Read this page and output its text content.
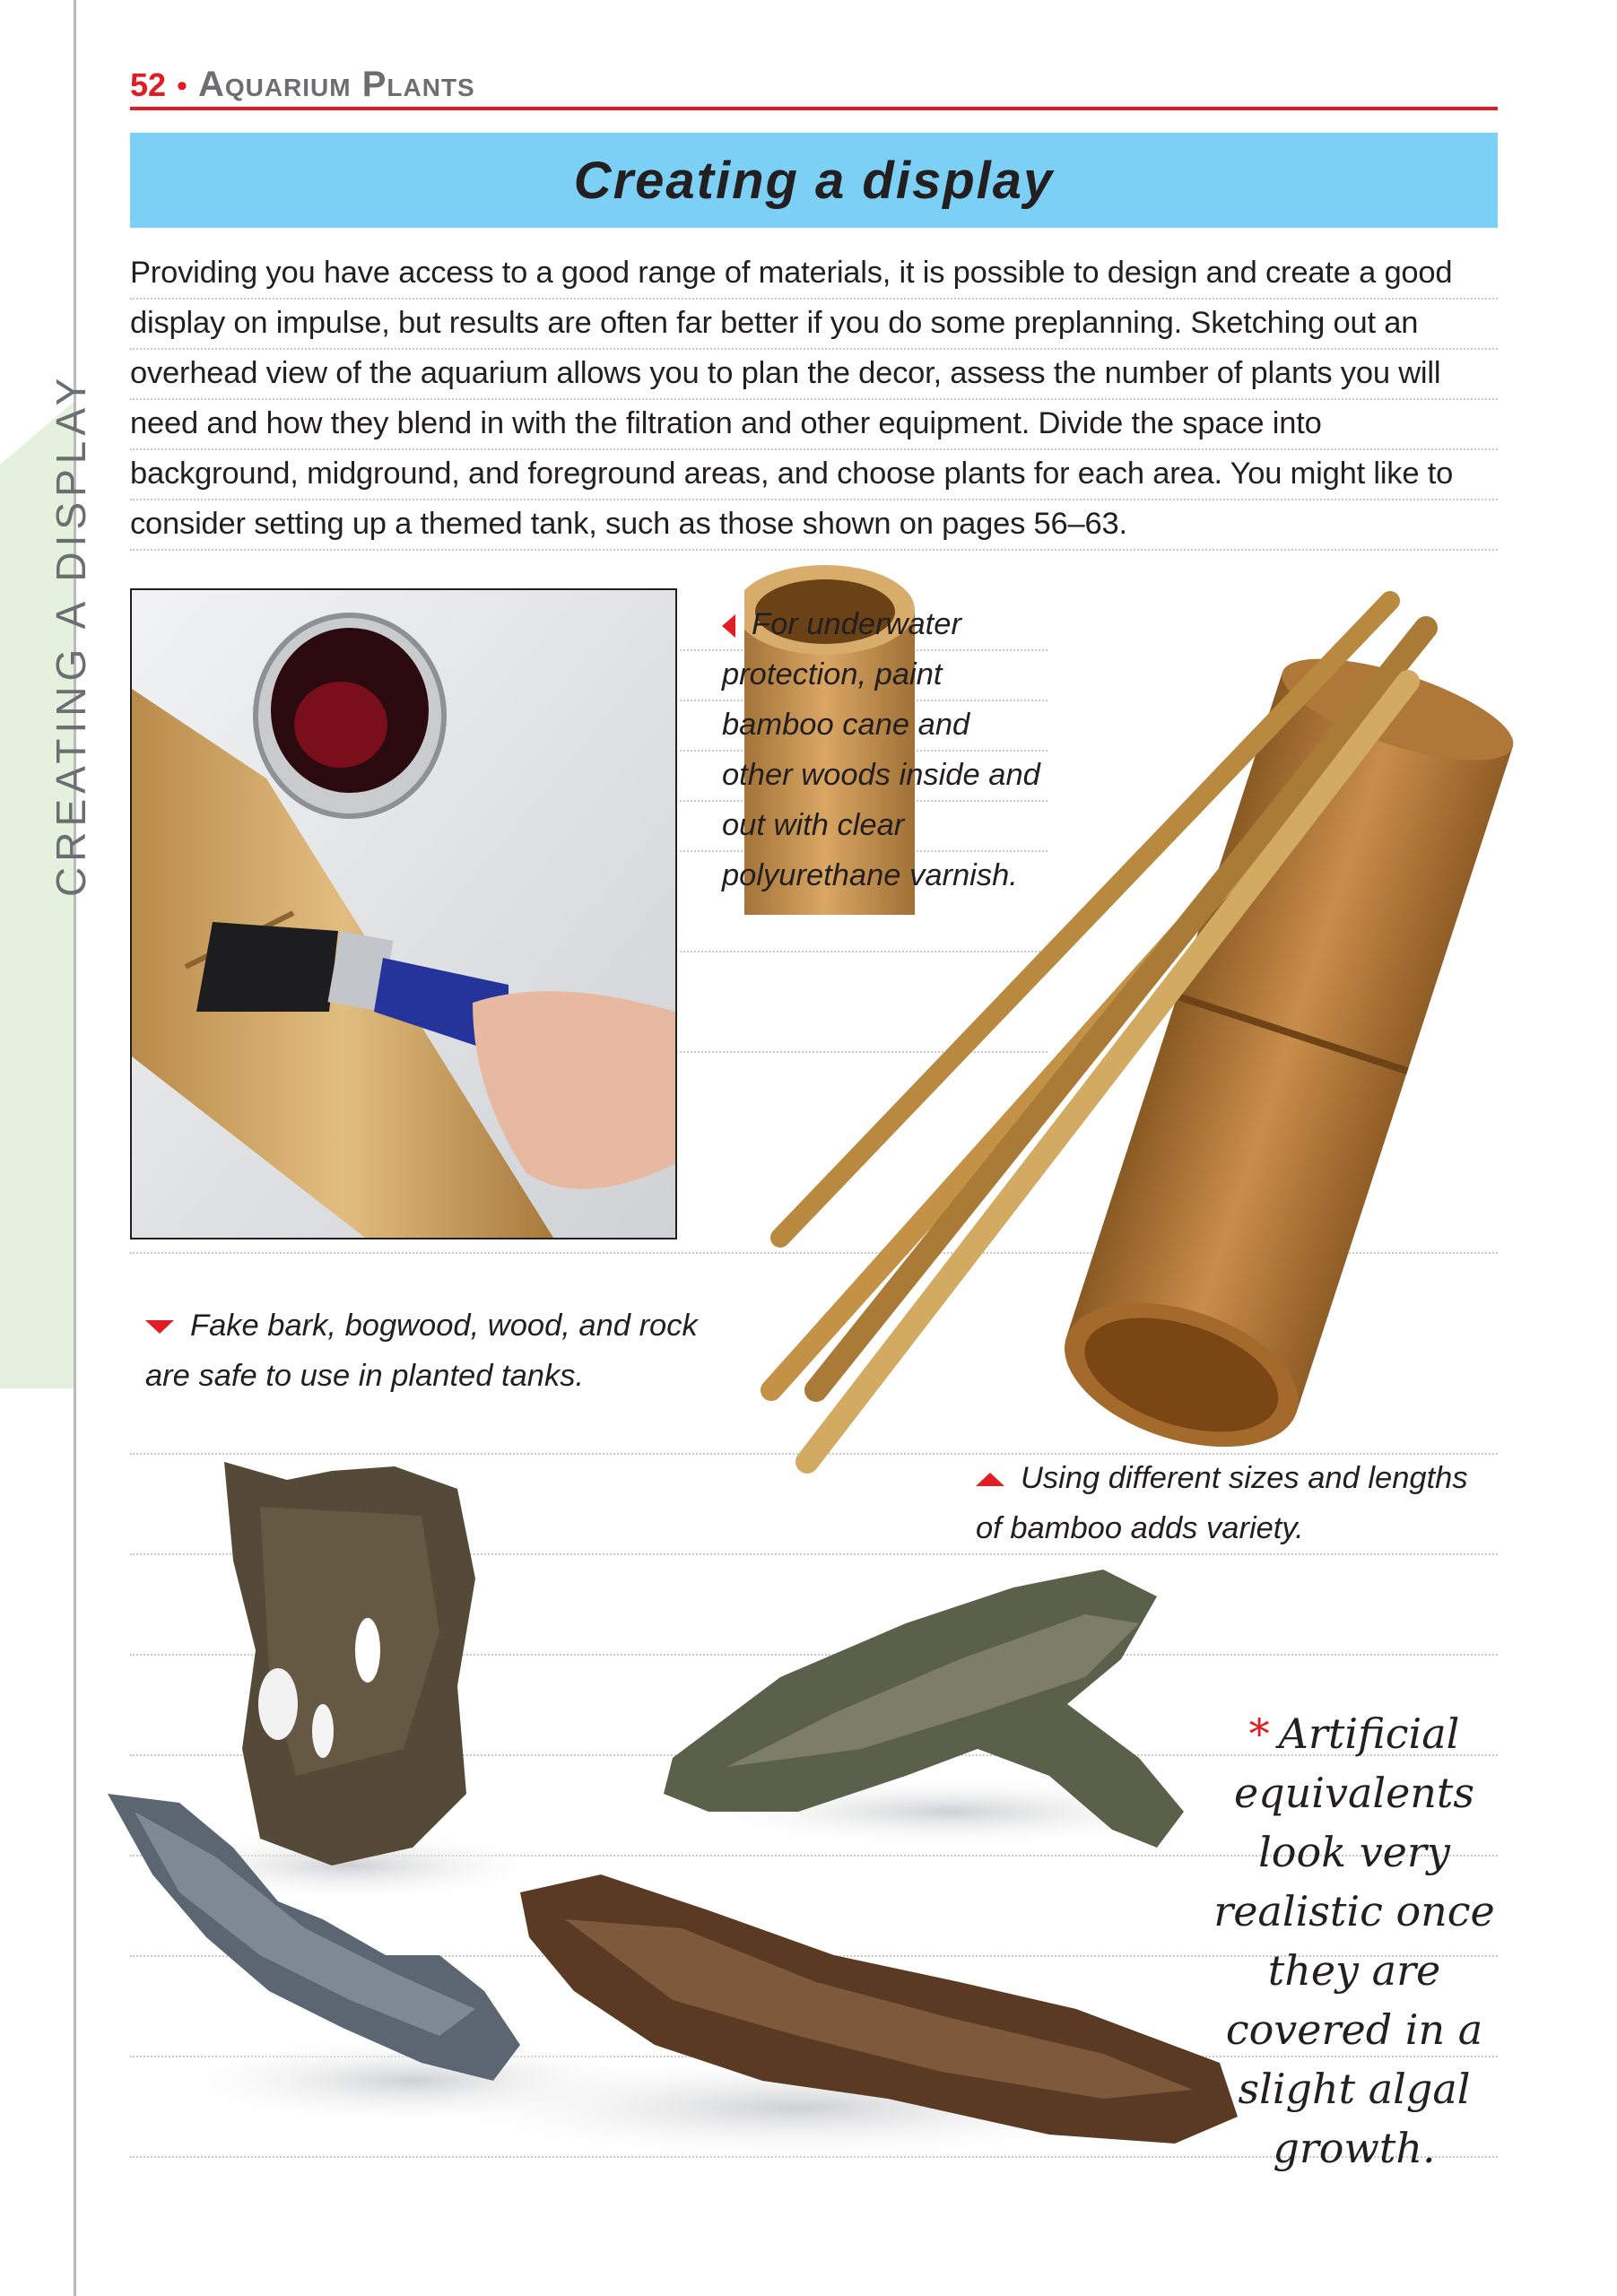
CREATING A DISPLAY
52 • Aquarium Plants
Creating a display

Providing you have access to a good range of materials, it is possible to design and create a good display on impulse, but results are often far better if you do some preplanning. Sketching out an overhead view of the aquarium allows you to plan the decor, assess the number of plants you will need and how they blend in with the filtration and other equipment. Divide the space into background, midground, and foreground areas, and choose plants for each area. You might like to consider setting up a themed tank, such as those shown on pages 56–63.

For underwater protection, paint bamboo cane and other woods inside and out with clear polyurethane varnish.

Fake bark, bogwood, wood, and rock are safe to use in planted tanks.

Using different sizes and lengths of bamboo adds variety.

* Artificial equivalents look very realistic once they are covered in a slight algal growth.
